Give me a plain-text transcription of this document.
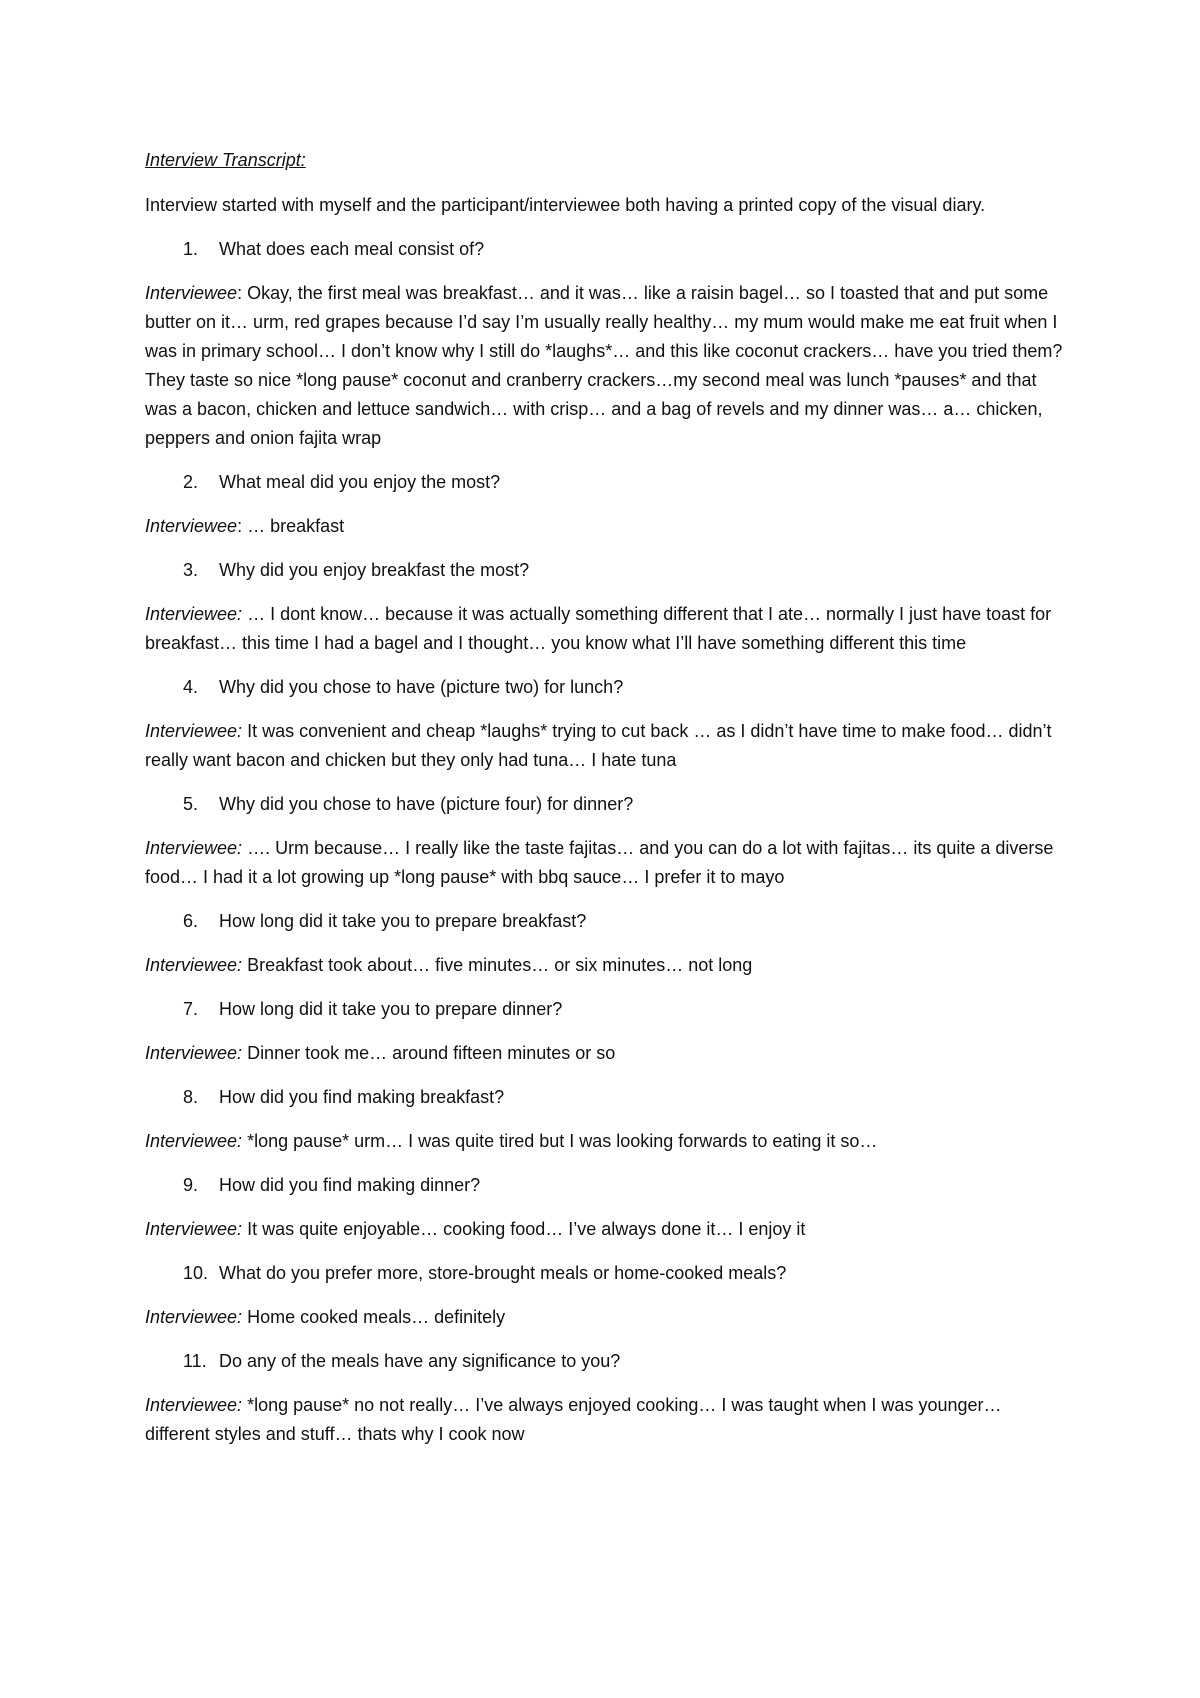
Interview Transcript:

Interview started with myself and the participant/interviewee both having a printed copy of the visual diary.

1.	What does each meal consist of?

Interviewee: Okay, the first meal was breakfast… and it was… like a raisin bagel… so I toasted that and put some butter on it… urm, red grapes because I’d say I’m usually really healthy… my mum would make me eat fruit when I was in primary school… I don’t know why I still do *laughs*… and this like coconut crackers… have you tried them? They taste so nice *long pause* coconut and cranberry crackers…my second meal was lunch *pauses* and that was a bacon, chicken and lettuce sandwich… with crisp… and a bag of revels and my dinner was… a… chicken, peppers and onion fajita wrap

2.	What meal did you enjoy the most?

Interviewee: … breakfast

3.	Why did you enjoy breakfast the most?

Interviewee: … I dont know… because it was actually something different that I ate… normally I just have toast for breakfast… this time I had a bagel and I thought… you know what I’ll have something different this time

4.	Why did you chose to have (picture two) for lunch?

Interviewee: It was convenient and cheap *laughs* trying to cut back … as I didn’t have time to make food… didn’t really want bacon and chicken but they only had tuna… I hate tuna

5.	Why did you chose to have (picture four) for dinner?

Interviewee: …. Urm because… I really like the taste fajitas… and you can do a lot with fajitas… its quite a diverse food… I had it a lot growing up *long pause* with bbq sauce… I prefer it to mayo

6.	How long did it take you to prepare breakfast?

Interviewee: Breakfast took about… five minutes… or six minutes… not long

7.	How long did it take you to prepare dinner?

Interviewee: Dinner took me… around fifteen minutes or so

8.	How did you find making breakfast?

Interviewee: *long pause* urm… I was quite tired but I was looking forwards to eating it so…

9.	How did you find making dinner?

Interviewee: It was quite enjoyable… cooking food… I’ve always done it… I enjoy it

10. What do you prefer more, store-brought meals or home-cooked meals?

Interviewee: Home cooked meals… definitely

11. Do any of the meals have any significance to you?

Interviewee: *long pause* no not really… I’ve always enjoyed cooking… I was taught when I was younger…different styles and stuff… thats why I cook now
